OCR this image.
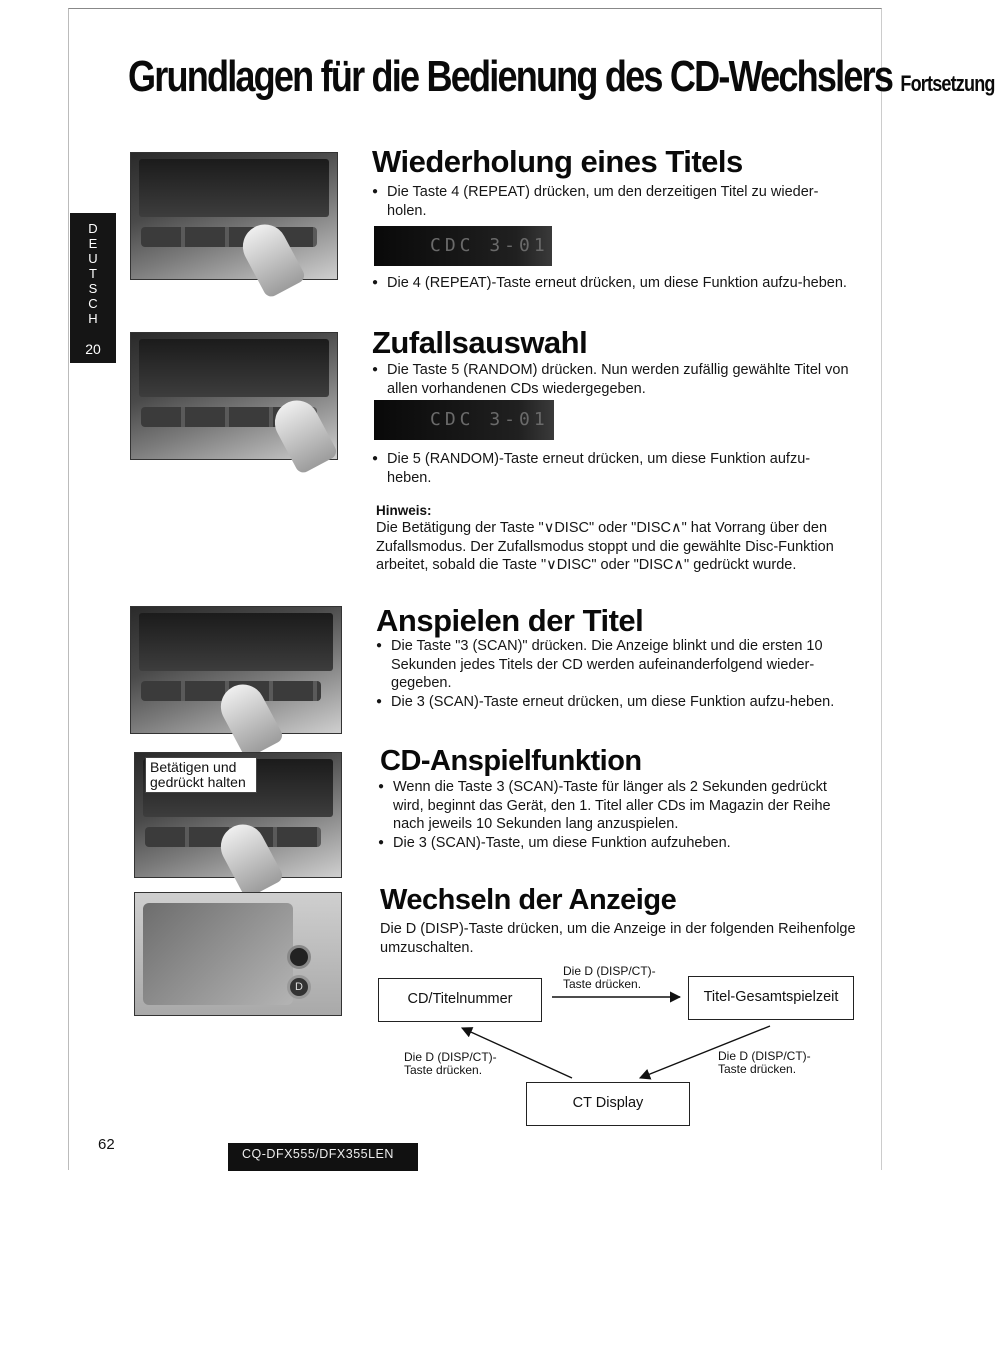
Grundlagen für die Bedienung des CD-Wechslers Fortsetzung
D
E
U
T
S
C
H
20
Wiederholung eines Titels
● Die Taste 4 (REPEAT) drücken, um den derzeitigen Titel zu wieder-holen.
CDC 3-01
● Die 4 (REPEAT)-Taste erneut drücken, um diese Funktion aufzu-heben.
Zufallsauswahl
● Die Taste 5 (RANDOM) drücken. Nun werden zufällig gewählte Titel von allen vorhandenen CDs wiedergegeben.
CDC 3-01
● Die 5 (RANDOM)-Taste erneut drücken, um diese Funktion aufzu-heben.
Hinweis:
Die Betätigung der Taste "∨DISC" oder "DISC∧" hat Vorrang über den Zufallsmodus. Der Zufallsmodus stoppt und die gewählte Disc-Funktion arbeitet, sobald die Taste "∨DISC" oder "DISC∧" gedrückt wurde.
Anspielen der Titel
● Die Taste "3 (SCAN)" drücken. Die Anzeige blinkt und die ersten 10 Sekunden jedes Titels der CD werden aufeinanderfolgend wieder-gegeben.
● Die 3 (SCAN)-Taste erneut drücken, um diese Funktion aufzu-heben.
Betätigen und gedrückt halten
CD-Anspielfunktion
● Wenn die Taste 3 (SCAN)-Taste für länger als 2 Sekunden gedrückt wird, beginnt das Gerät, den 1. Titel aller CDs im Magazin der Reihe nach jeweils 10 Sekunden lang anzuspielen.
● Die 3 (SCAN)-Taste, um diese Funktion aufzuheben.
D
Wechseln der Anzeige
Die D (DISP)-Taste drücken, um die Anzeige in der folgenden Reihenfolge umzuschalten.
CD/Titelnummer	Titel-Gesamtspielzeit
CT Display
Die D (DISP/CT)-Taste drücken.
Die D (DISP/CT)-Taste drücken.
Die D (DISP/CT)-Taste drücken.
62
CQ-DFX555/DFX355LEN
